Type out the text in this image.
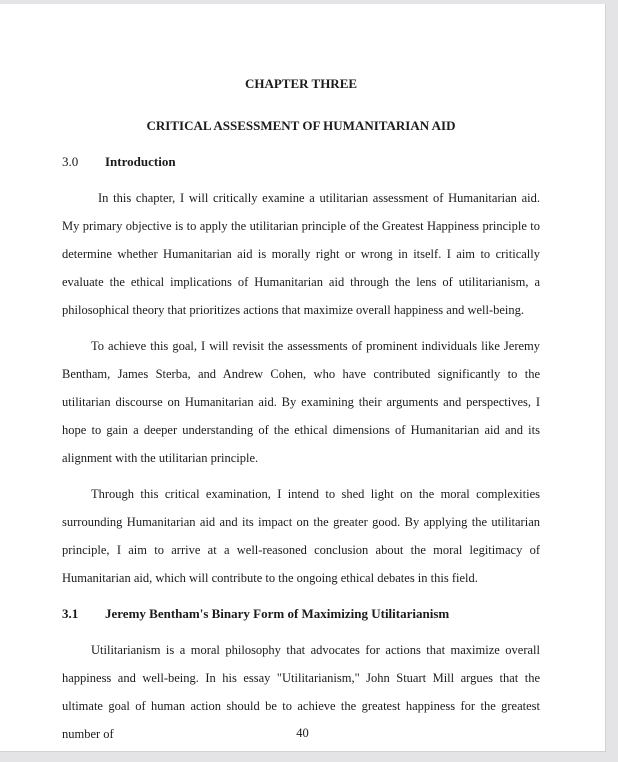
CHAPTER THREE
CRITICAL ASSESSMENT OF HUMANITARIAN AID
3.0	Introduction

In this chapter, I will critically examine a utilitarian assessment of Humanitarian aid. My primary objective is to apply the utilitarian principle of the Greatest Happiness principle to determine whether Humanitarian aid is morally right or wrong in itself. I aim to critically evaluate the ethical implications of Humanitarian aid through the lens of utilitarianism, a philosophical theory that prioritizes actions that maximize overall happiness and well-being.

To achieve this goal, I will revisit the assessments of prominent individuals like Jeremy Bentham, James Sterba, and Andrew Cohen, who have contributed significantly to the utilitarian discourse on Humanitarian aid. By examining their arguments and perspectives, I hope to gain a deeper understanding of the ethical dimensions of Humanitarian aid and its alignment with the utilitarian principle.

Through this critical examination, I intend to shed light on the moral complexities surrounding Humanitarian aid and its impact on the greater good. By applying the utilitarian principle, I aim to arrive at a well-reasoned conclusion about the moral legitimacy of Humanitarian aid, which will contribute to the ongoing ethical debates in this field.

3.1	Jeremy Bentham's Binary Form of Maximizing Utilitarianism

Utilitarianism is a moral philosophy that advocates for actions that maximize overall happiness and well-being. In his essay "Utilitarianism," John Stuart Mill argues that the ultimate goal of human action should be to achieve the greatest happiness for the greatest number of	40
